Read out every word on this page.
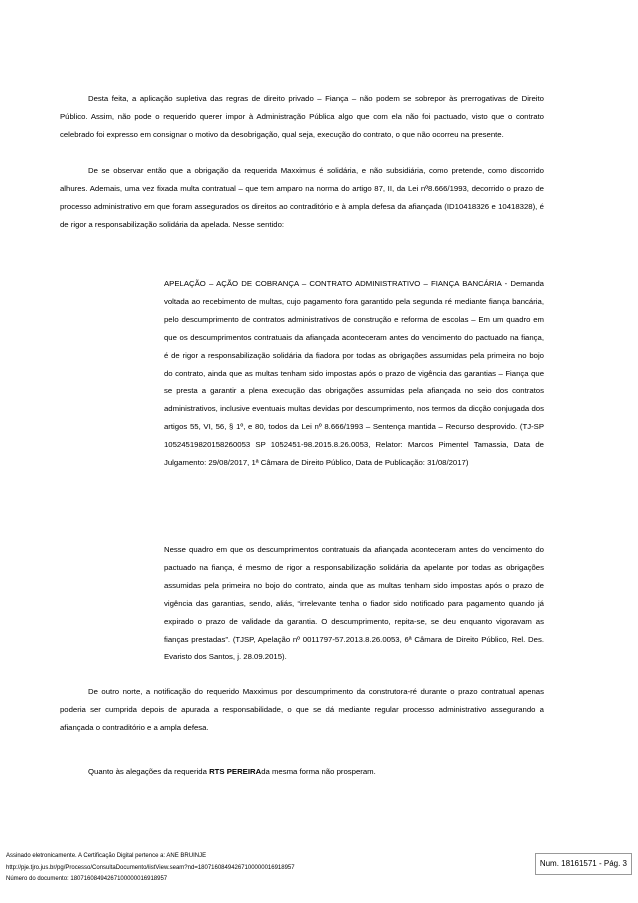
Desta feita, a aplicação supletiva das regras de direito privado – Fiança – não podem se sobrepor às prerrogativas de Direito Público. Assim, não pode o requerido querer impor à Administração Pública algo que com ela não foi pactuado, visto que o contrato celebrado foi expresso em consignar o motivo da desobrigação, qual seja, execução do contrato, o que não ocorreu na presente.

De se observar então que a obrigação da requerida Maxximus é solidária, e não subsidiária, como pretende, como discorrido alhures. Ademais, uma vez fixada multa contratual – que tem amparo na norma do artigo 87, II, da Lei nº8.666/1993, decorrido o prazo de processo administrativo em que foram assegurados os direitos ao contraditório e à ampla defesa da afiançada (ID10418326 e 10418328), é de rigor a responsabilização solidária da apelada. Nesse sentido:

APELAÇÃO – AÇÃO DE COBRANÇA – CONTRATO ADMINISTRATIVO – FIANÇA BANCÁRIA - Demanda voltada ao recebimento de multas, cujo pagamento fora garantido pela segunda ré mediante fiança bancária, pelo descumprimento de contratos administrativos de construção e reforma de escolas – Em um quadro em que os descumprimentos contratuais da afiançada aconteceram antes do vencimento do pactuado na fiança, é de rigor a responsabilização solidária da fiadora por todas as obrigações assumidas pela primeira no bojo do contrato, ainda que as multas tenham sido impostas após o prazo de vigência das garantias – Fiança que se presta a garantir a plena execução das obrigações assumidas pela afiançada no seio dos contratos administrativos, inclusive eventuais multas devidas por descumprimento, nos termos da dicção conjugada dos artigos 55, VI, 56, § 1º, e 80, todos da Lei nº 8.666/1993 – Sentença mantida – Recurso desprovido. (TJ-SP 10524519820158260053 SP 1052451-98.2015.8.26.0053, Relator: Marcos Pimentel Tamassia, Data de Julgamento: 29/08/2017, 1ª Câmara de Direito Público, Data de Publicação: 31/08/2017)

Nesse quadro em que os descumprimentos contratuais da afiançada aconteceram antes do vencimento do pactuado na fiança, é mesmo de rigor a responsabilização solidária da apelante por todas as obrigações assumidas pela primeira no bojo do contrato, ainda que as multas tenham sido impostas após o prazo de vigência das garantias, sendo, aliás, “irrelevante tenha o fiador sido notificado para pagamento quando já expirado o prazo de validade da garantia. O descumprimento, repita-se, se deu enquanto vigoravam as fianças prestadas”. (TJSP, Apelação nº 0011797-57.2013.8.26.0053, 6ª Câmara de Direito Público, Rel. Des. Evaristo dos Santos, j. 28.09.2015).

De outro norte, a notificação do requerido Maxximus por descumprimento da construtora-ré durante o prazo contratual apenas poderia ser cumprida depois de apurada a responsabilidade, o que se dá mediante regular processo administrativo assegurando a afiançada o contraditório e a ampla defesa.

Quanto às alegações da requerida RTS PEREIRAda mesma forma não prosperam.

Assinado eletronicamente. A Certificação Digital pertence a: ANE BRUINJE
http://pje.tjro.jus.br/pg/Processo/ConsultaDocumento/listView.seam?nd=18071608494267100000016918957
Número do documento: 18071608494267100000016918957
Num. 18161571 - Pág. 3
